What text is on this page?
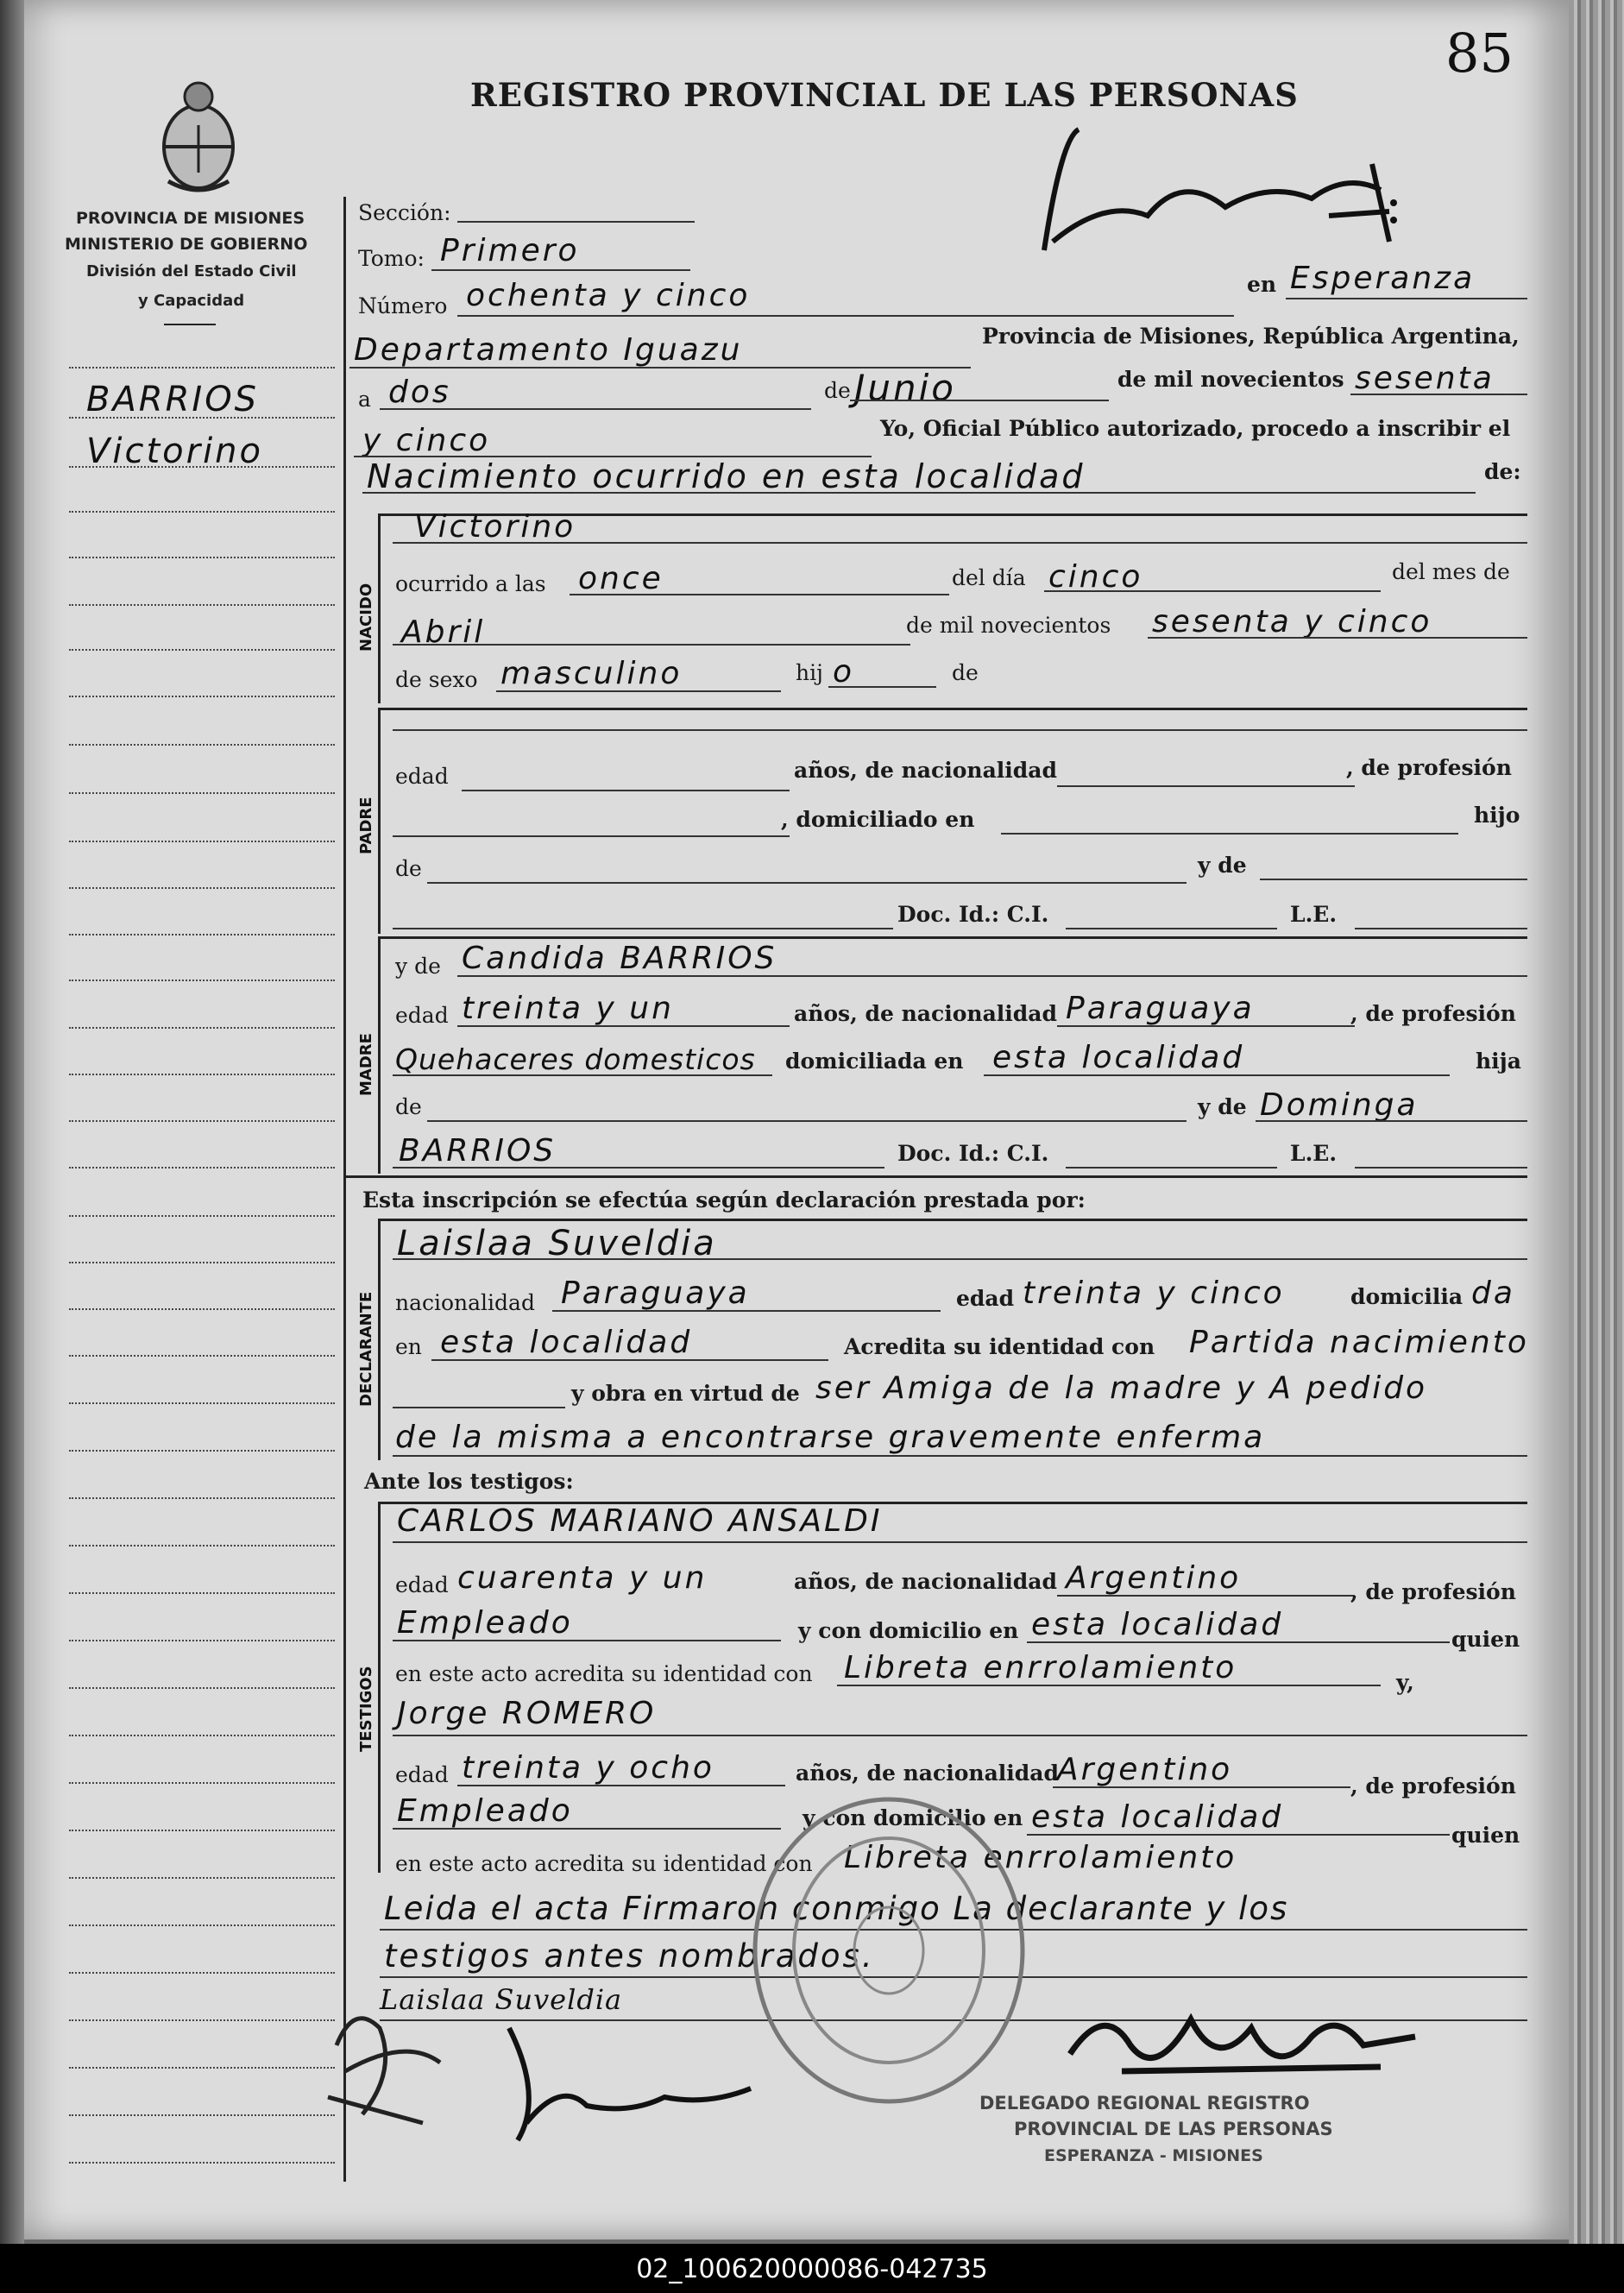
85
REGISTRO PROVINCIAL DE LAS PERSONAS
PROVINCIA DE MISIONES
MINISTERIO DE GOBIERNO
División del Estado Civil
y Capacidad
BARRIOS
Victorino
Sección:
Tomo: Primero
Número ochenta y cinco	en Esperanza
Departamento Iguazu	Provincia de Misiones, República Argentina,
a dos	de Junio	de mil novecientos sesenta
y cinco	Yo, Oficial Público autorizado, procedo a inscribir el
Nacimiento ocurrido en esta localidad	de:
NACIDO
Victorino
ocurrido a las once	del día cinco	del mes de
Abril	de mil novecientos sesenta y cinco
de sexo masculino	hij o	de
PADRE
edad	años, de nacionalidad	, de profesión
, domiciliado en	hijo
de	y de
Doc. Id.: C.I.	L.E.
MADRE
y de Candida BARRIOS
edad treinta y un	años, de nacionalidad Paraguaya	, de profesión
Quehaceres domesticos domiciliada en esta localidad	hija
de	y de Dominga
BARRIOS	Doc. Id.: C.I.	L.E.
Esta inscripción se efectúa según declaración prestada por:
DECLARANTE
Laislaa Suveldia
nacionalidad Paraguaya	edad treinta y cinco	domicilia da
en esta localidad	Acredita su identidad con Partida nacimiento
y obra en virtud de ser Amiga de la madre y A pedido
de la misma a encontrarse gravemente enferma
Ante los testigos:
TESTIGOS
CARLOS MARIANO ANSALDI
edad cuarenta y un	años, de nacionalidad Argentino	, de profesión
Empleado	y con domicilio en esta localidad	quien
en este acto acredita su identidad con Libreta enrrolamiento	y,
Jorge ROMERO
edad treinta y ocho	años, de nacionalidad
Argentino	, de profesión
Empleado	y con domicilio en esta localidad
quien
en este acto acredita su identidad con Libreta enrrolamiento
Leida el acta Firmaron conmigo La declarante y los
testigos antes nombrados.
Laislaa Suveldia
DELEGADO REGIONAL REGISTRO
PROVINCIAL DE LAS PERSONAS
ESPERANZA - MISIONES
02_100620000086-042735
